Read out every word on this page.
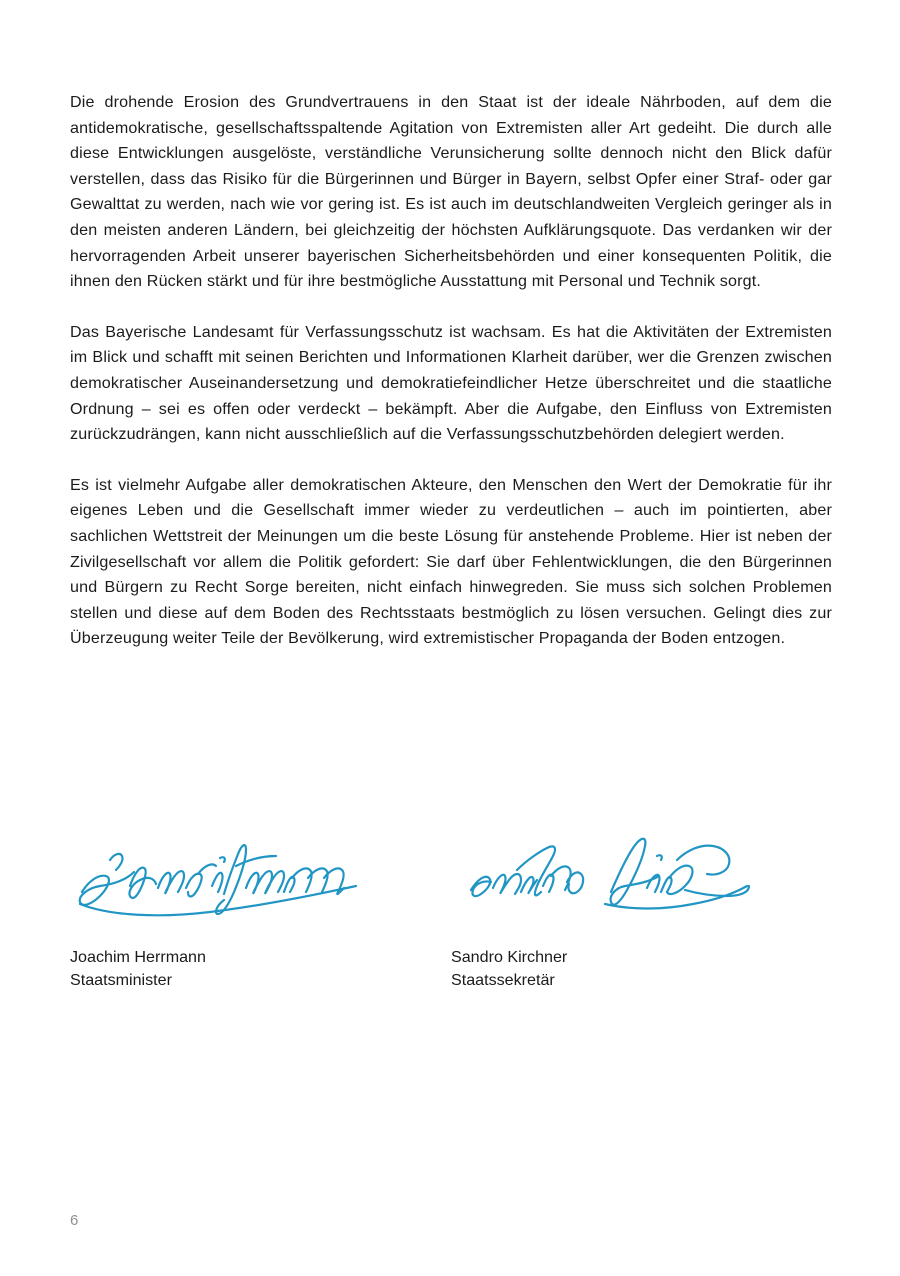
Die drohende Erosion des Grundvertrauens in den Staat ist der ideale Nährboden, auf dem die antidemokratische, gesellschaftsspaltende Agitation von Extremisten aller Art gedeiht. Die durch alle diese Entwicklungen ausgelöste, verständliche Verunsicherung sollte dennoch nicht den Blick dafür verstellen, dass das Risiko für die Bürgerinnen und Bürger in Bayern, selbst Opfer einer Straf- oder gar Gewalttat zu werden, nach wie vor gering ist. Es ist auch im deutschlandweiten Vergleich geringer als in den meisten anderen Ländern, bei gleichzeitig der höchsten Aufklärungsquote. Das verdanken wir der hervorragenden Arbeit unserer bayerischen Sicherheitsbehörden und einer konsequenten Politik, die ihnen den Rücken stärkt und für ihre bestmögliche Ausstattung mit Personal und Technik sorgt.

Das Bayerische Landesamt für Verfassungsschutz ist wachsam. Es hat die Aktivitäten der Extremisten im Blick und schafft mit seinen Berichten und Informationen Klarheit darüber, wer die Grenzen zwischen demokratischer Auseinandersetzung und demokratiefeindlicher Hetze überschreitet und die staatliche Ordnung – sei es offen oder verdeckt – bekämpft. Aber die Aufgabe, den Einfluss von Extremisten zurückzudrängen, kann nicht ausschließlich auf die Verfassungsschutzbehörden delegiert werden.

Es ist vielmehr Aufgabe aller demokratischen Akteure, den Menschen den Wert der Demokratie für ihr eigenes Leben und die Gesellschaft immer wieder zu verdeutlichen – auch im pointierten, aber sachlichen Wettstreit der Meinungen um die beste Lösung für anstehende Probleme. Hier ist neben der Zivilgesellschaft vor allem die Politik gefordert: Sie darf über Fehlentwicklungen, die den Bürgerinnen und Bürgern zu Recht Sorge bereiten, nicht einfach hinwegreden. Sie muss sich solchen Problemen stellen und diese auf dem Boden des Rechtsstaats bestmöglich zu lösen versuchen. Gelingt dies zur Überzeugung weiter Teile der Bevölkerung, wird extremistischer Propaganda der Boden entzogen.

Joachim Herrmann

Staatsminister

Sandro Kirchner

Staatssekretär

6
